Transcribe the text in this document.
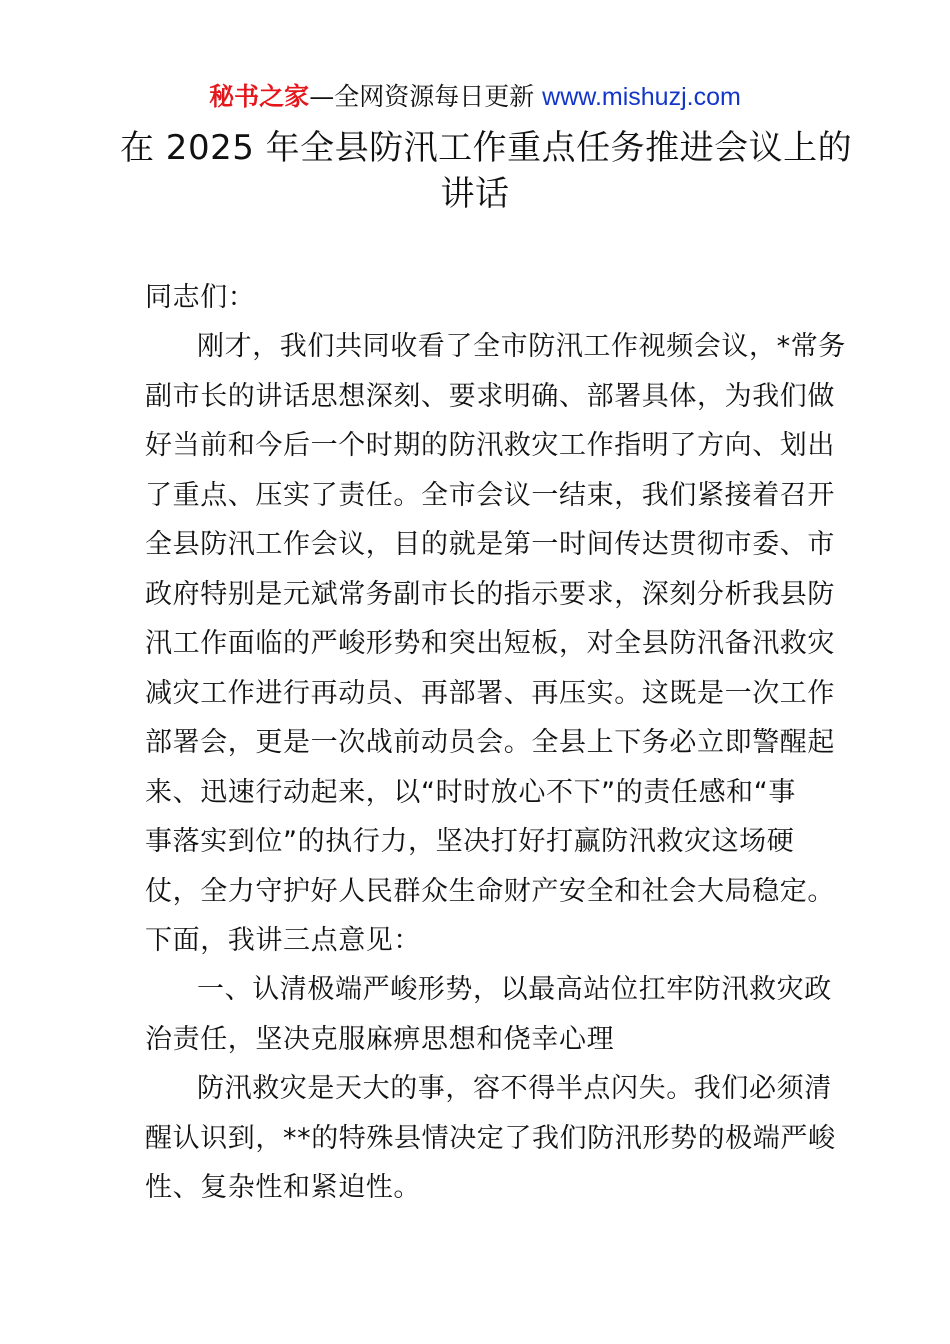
秘书之家—全网资源每日更新 www.mishuzj.com
在 2025 年全县防汛工作重点任务推进会议上的
讲话
同志们：
刚才，我们共同收看了全市防汛工作视频会议，*常务
副市长的讲话思想深刻、要求明确、部署具体，为我们做
好当前和今后一个时期的防汛救灾工作指明了方向、划出
了重点、压实了责任。全市会议一结束，我们紧接着召开
全县防汛工作会议，目的就是第一时间传达贯彻市委、市
政府特别是元斌常务副市长的指示要求，深刻分析我县防
汛工作面临的严峻形势和突出短板，对全县防汛备汛救灾
减灾工作进行再动员、再部署、再压实。这既是一次工作
部署会，更是一次战前动员会。全县上下务必立即警醒起
来、迅速行动起来，以“时时放心不下”的责任感和“事
事落实到位”的执行力，坚决打好打赢防汛救灾这场硬
仗，全力守护好人民群众生命财产安全和社会大局稳定。
下面，我讲三点意见：
一、认清极端严峻形势，以最高站位扛牢防汛救灾政
治责任，坚决克服麻痹思想和侥幸心理
防汛救灾是天大的事，容不得半点闪失。我们必须清
醒认识到，**的特殊县情决定了我们防汛形势的极端严峻
性、复杂性和紧迫性。
